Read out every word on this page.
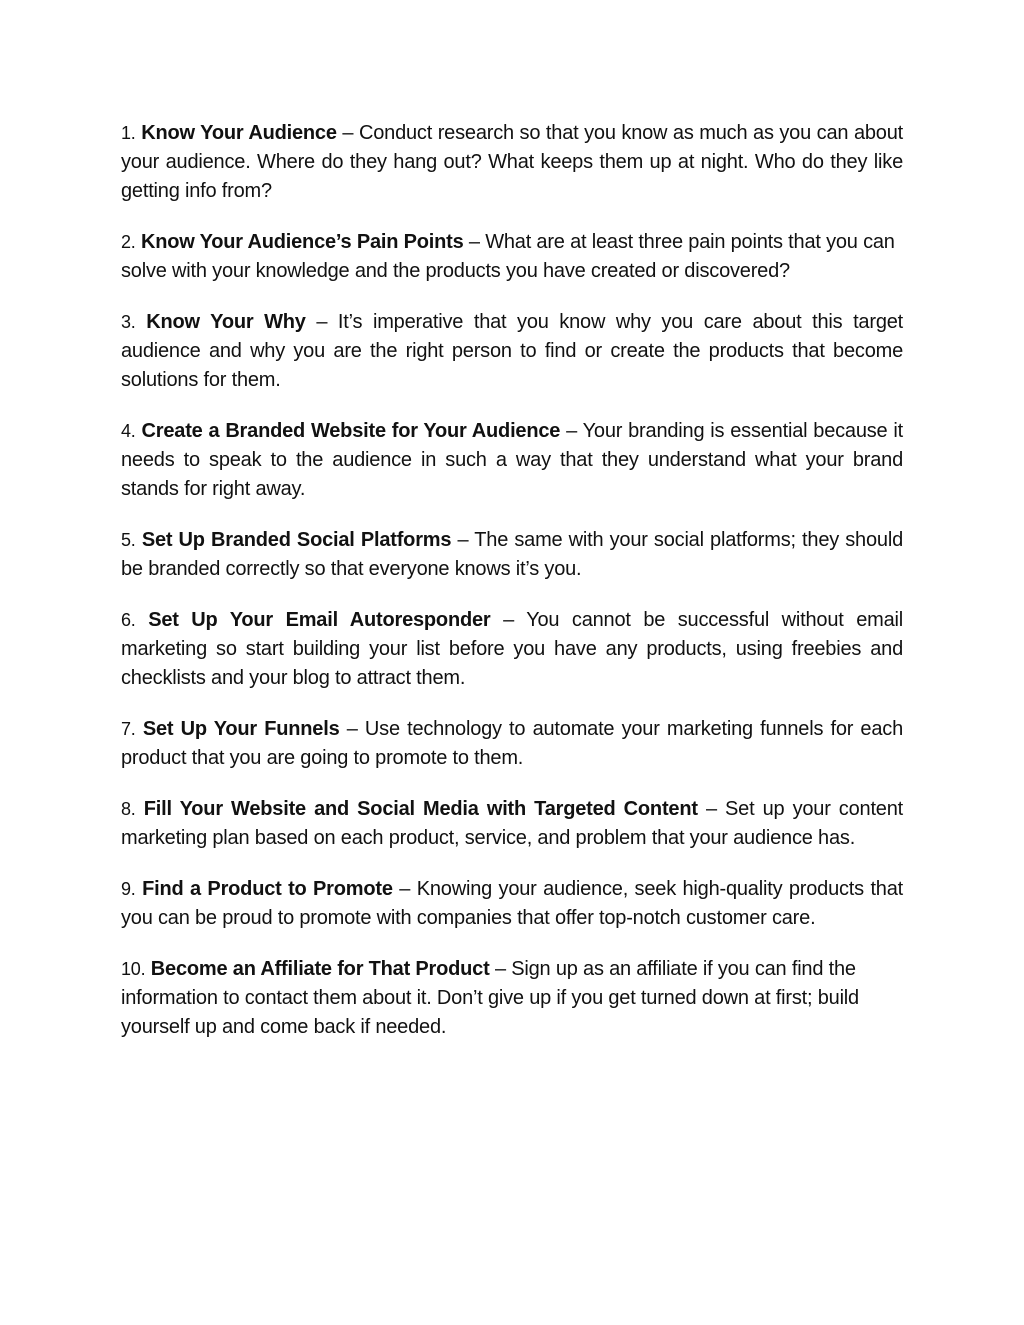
1. Know Your Audience – Conduct research so that you know as much as you can about your audience. Where do they hang out? What keeps them up at night. Who do they like getting info from?

2. Know Your Audience’s Pain Points – What are at least three pain points that you can solve with your knowledge and the products you have created or discovered?

3. Know Your Why – It’s imperative that you know why you care about this target audience and why you are the right person to find or create the products that become solutions for them.

4. Create a Branded Website for Your Audience – Your branding is essential because it needs to speak to the audience in such a way that they understand what your brand stands for right away.

5. Set Up Branded Social Platforms – The same with your social platforms; they should be branded correctly so that everyone knows it’s you.

6. Set Up Your Email Autoresponder – You cannot be successful without email marketing so start building your list before you have any products, using freebies and checklists and your blog to attract them.

7. Set Up Your Funnels – Use technology to automate your marketing funnels for each product that you are going to promote to them.

8. Fill Your Website and Social Media with Targeted Content – Set up your content marketing plan based on each product, service, and problem that your audience has.

9. Find a Product to Promote – Knowing your audience, seek high-quality products that you can be proud to promote with companies that offer top-notch customer care.

10. Become an Affiliate for That Product – Sign up as an affiliate if you can find the information to contact them about it. Don’t give up if you get turned down at first; build yourself up and come back if needed.
